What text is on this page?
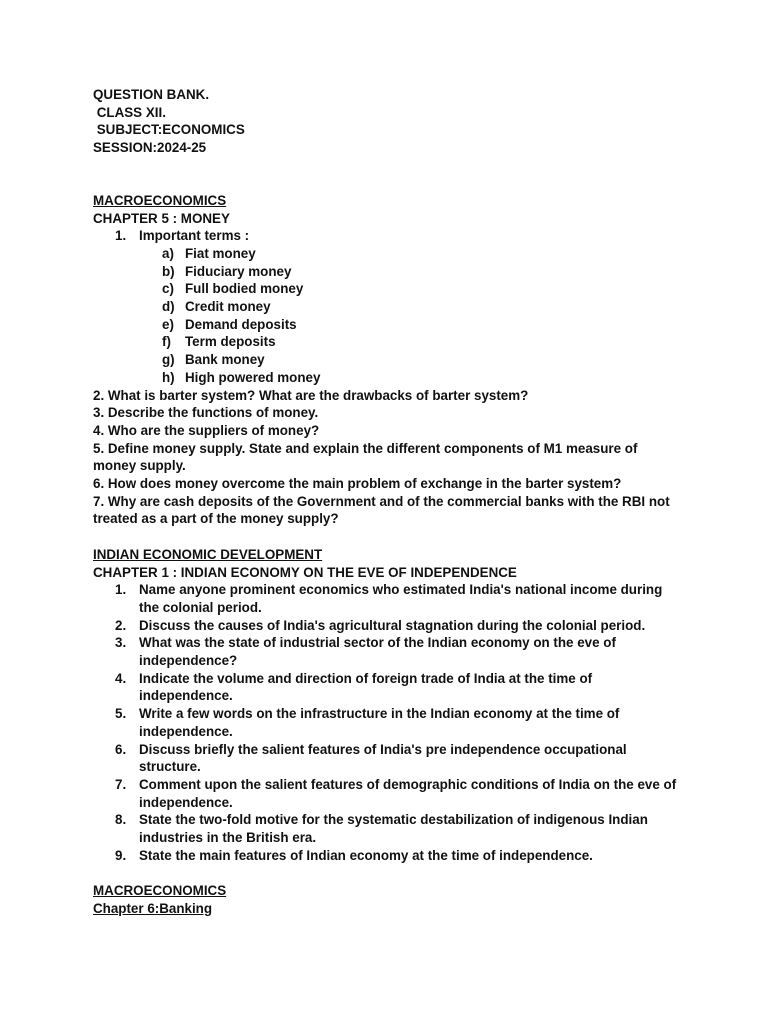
QUESTION BANK.
CLASS XII.
SUBJECT:ECONOMICS
SESSION:2024-25
MACROECONOMICS
CHAPTER 5 : MONEY
1. Important terms :
a) Fiat money
b) Fiduciary money
c) Full bodied money
d) Credit money
e) Demand deposits
f) Term deposits
g) Bank money
h) High powered money
2. What is barter system? What are the drawbacks of barter system?
3. Describe the functions of money.
4. Who are the suppliers of money?
5. Define money supply. State and explain the different components of M1 measure of money supply.
6. How does money overcome the main problem of exchange in the barter system?
7. Why are cash deposits of the Government and of the commercial banks with the RBI not treated as a part of the money supply?
INDIAN ECONOMIC DEVELOPMENT
CHAPTER 1 : INDIAN ECONOMY ON THE EVE OF INDEPENDENCE
1. Name anyone prominent economics who estimated India's national income during the colonial period.
2. Discuss the causes of India's agricultural stagnation during the colonial period.
3. What was the state of industrial sector of the Indian economy on the eve of independence?
4. Indicate the volume and direction of foreign trade of India at the time of independence.
5. Write a few words on the infrastructure in the Indian economy at the time of independence.
6. Discuss briefly the salient features of India's pre independence occupational structure.
7. Comment upon the salient features of demographic conditions of India on the eve of independence.
8. State the two-fold motive for the systematic destabilization of indigenous Indian industries in the British era.
9. State the main features of Indian economy at the time of independence.
MACROECONOMICS
Chapter 6:Banking
